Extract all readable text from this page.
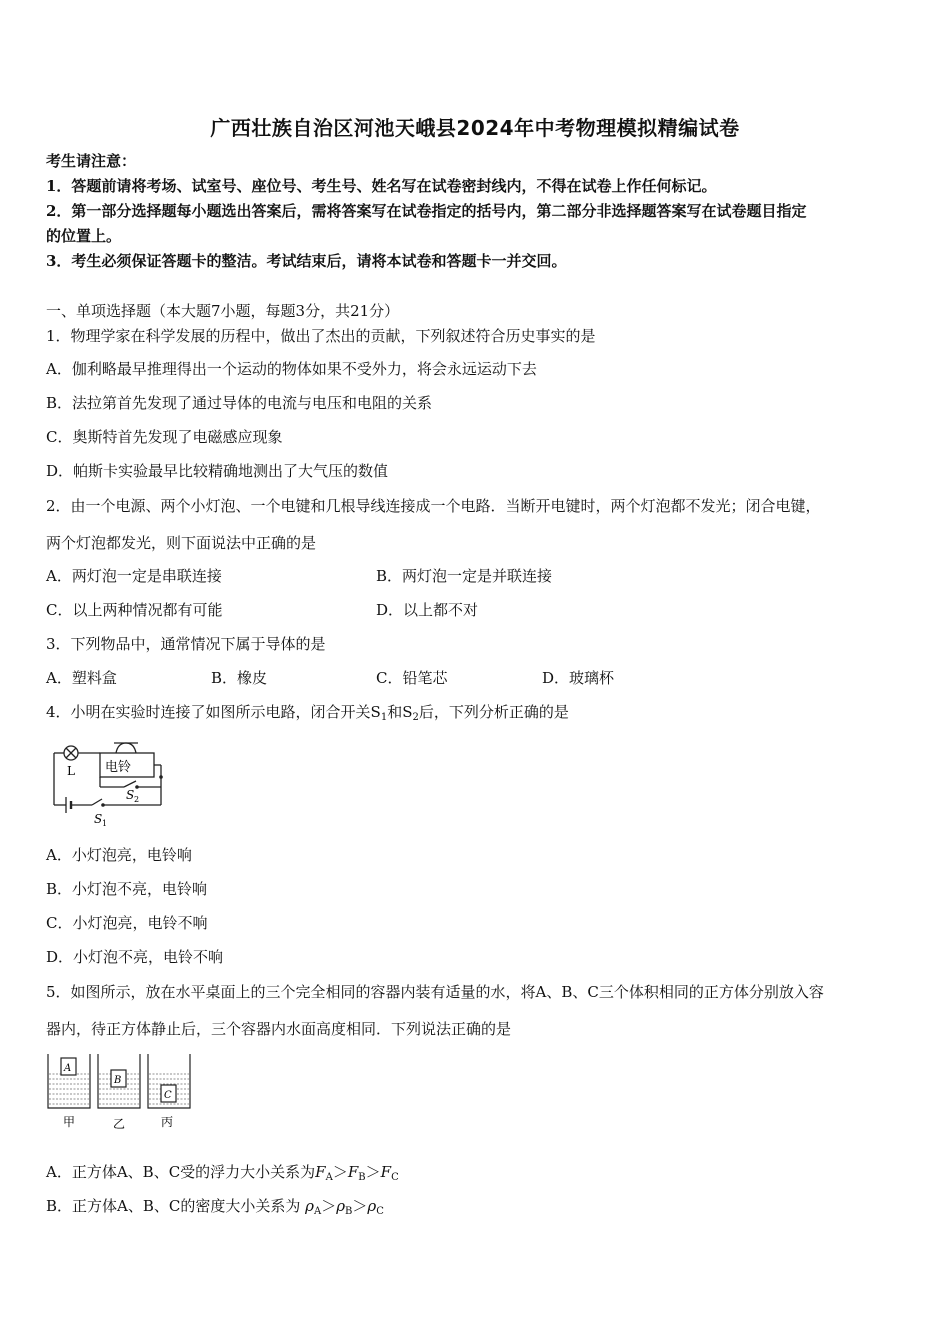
广西壮族自治区河池天峨县2024年中考物理模拟精编试卷
考生请注意：
1．答题前请将考场、试室号、座位号、考生号、姓名写在试卷密封线内，不得在试卷上作任何标记。
2．第一部分选择题每小题选出答案后，需将答案写在试卷指定的括号内，第二部分非选择题答案写在试卷题目指定
的位置上。
3．考生必须保证答题卡的整洁。考试结束后，请将本试卷和答题卡一并交回。
一、单项选择题（本大题7小题，每题3分，共21分）
1．物理学家在科学发展的历程中，做出了杰出的贡献，下列叙述符合历史事实的是
A．伽利略最早推理得出一个运动的物体如果不受外力，将会永远运动下去
B．法拉第首先发现了通过导体的电流与电压和电阻的关系
C．奥斯特首先发现了电磁感应现象
D．帕斯卡实验最早比较精确地测出了大气压的数值
2．由一个电源、两个小灯泡、一个电键和几根导线连接成一个电路．当断开电键时，两个灯泡都不发光；闭合电键，
两个灯泡都发光，则下面说法中正确的是
A．两灯泡一定是串联连接	B．两灯泡一定是并联连接
C．以上两种情况都有可能	D．以上都不对
3．下列物品中，通常情况下属于导体的是
A．塑料盒	B．橡皮	C．铅笔芯	D．玻璃杯
4．小明在实验时连接了如图所示电路，闭合开关$S_1$和$S_2$后，下列分析正确的是
L 电铃
S 2
S 1
A．小灯泡亮，电铃响
B．小灯泡不亮，电铃响
C．小灯泡亮，电铃不响
D．小灯泡不亮，电铃不响
5．如图所示，放在水平桌面上的三个完全相同的容器内装有适量的水，将A、B、C三个体积相同的正方体分别放入容
器内，待正方体静止后，三个容器内水面高度相同．下列说法正确的是
A
B
C
甲	乙	丙
A．正方体A、B、C受的浮力大小关系为$F_A>F_B>F_C$
B．正方体A、B、C的密度大小关系为 $\rho_A>\rho_B>\rho_C$
